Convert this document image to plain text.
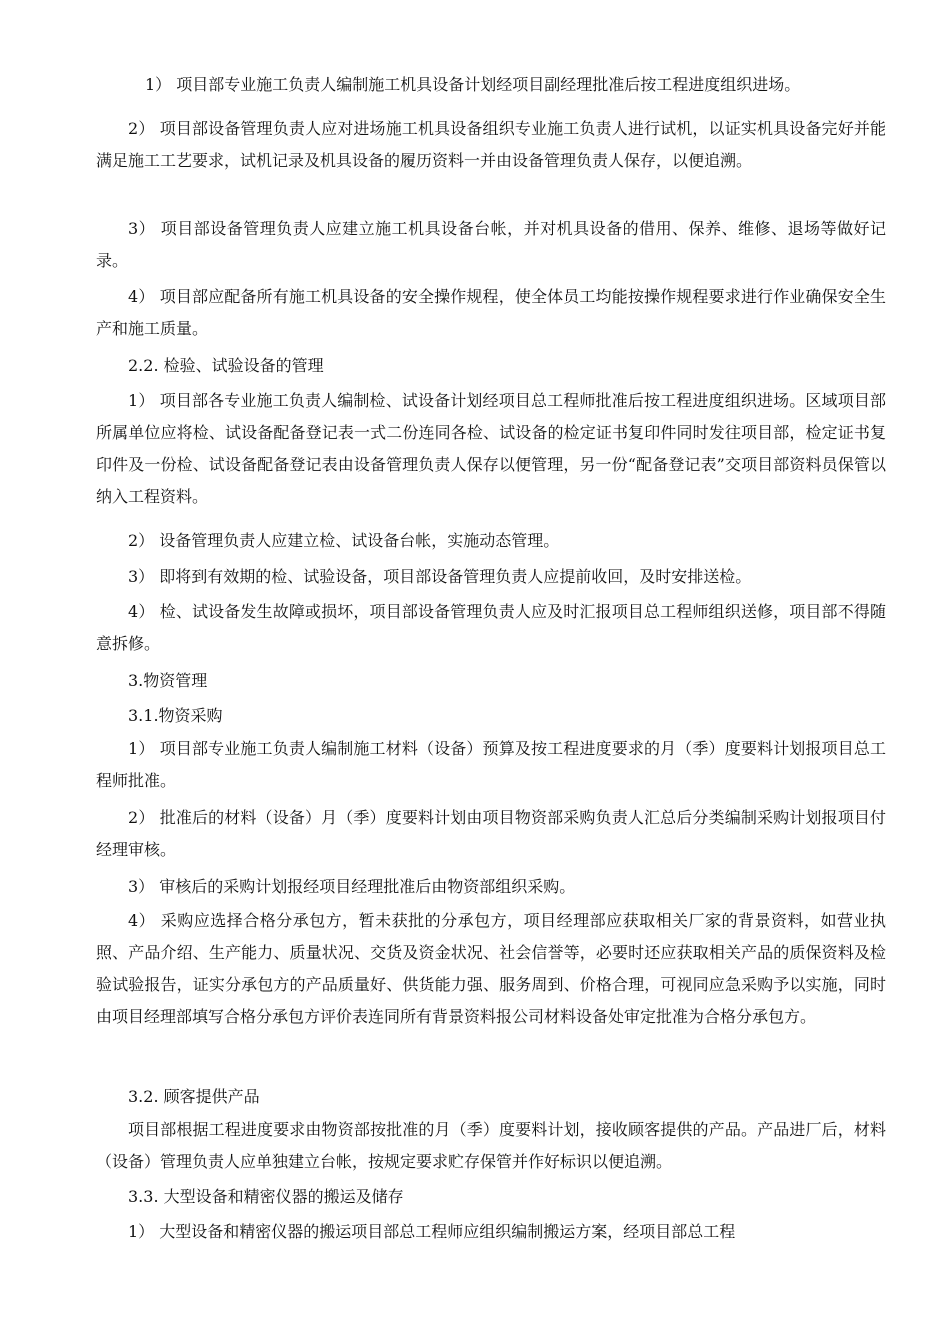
1） 项目部专业施工负责人编制施工机具设备计划经项目副经理批准后按工程进度组织进场。

2） 项目部设备管理负责人应对进场施工机具设备组织专业施工负责人进行试机，以证实机具设备完好并能满足施工工艺要求，试机记录及机具设备的履历资料一并由设备管理负责人保存，以便追溯。

3） 项目部设备管理负责人应建立施工机具设备台帐，并对机具设备的借用、保养、维修、退场等做好记录。

4） 项目部应配备所有施工机具设备的安全操作规程，使全体员工均能按操作规程要求进行作业确保安全生产和施工质量。

2.2. 检验、试验设备的管理

1） 项目部各专业施工负责人编制检、试设备计划经项目总工程师批准后按工程进度组织进场。区域项目部所属单位应将检、试设备配备登记表一式二份连同各检、试设备的检定证书复印件同时发往项目部，检定证书复印件及一份检、试设备配备登记表由设备管理负责人保存以便管理，另一份“配备登记表”交项目部资料员保管以纳入工程资料。

2） 设备管理负责人应建立检、试设备台帐，实施动态管理。

3） 即将到有效期的检、试验设备，项目部设备管理负责人应提前收回，及时安排送检。

4） 检、试设备发生故障或损坏，项目部设备管理负责人应及时汇报项目总工程师组织送修，项目部不得随意拆修。

3.物资管理

3.1.物资采购

1） 项目部专业施工负责人编制施工材料（设备）预算及按工程进度要求的月（季）度要料计划报项目总工程师批准。

2） 批准后的材料（设备）月（季）度要料计划由项目物资部采购负责人汇总后分类编制采购计划报项目付经理审核。

3） 审核后的采购计划报经项目经理批准后由物资部组织采购。

4） 采购应选择合格分承包方，暂未获批的分承包方，项目经理部应获取相关厂家的背景资料，如营业执照、产品介绍、生产能力、质量状况、交货及资金状况、社会信誉等，必要时还应获取相关产品的质保资料及检验试验报告，证实分承包方的产品质量好、供货能力强、服务周到、价格合理，可视同应急采购予以实施，同时由项目经理部填写合格分承包方评价表连同所有背景资料报公司材料设备处审定批准为合格分承包方。

3.2. 顾客提供产品

项目部根据工程进度要求由物资部按批准的月（季）度要料计划，接收顾客提供的产品。产品进厂后，材料（设备）管理负责人应单独建立台帐，按规定要求贮存保管并作好标识以便追溯。

3.3. 大型设备和精密仪器的搬运及储存

1） 大型设备和精密仪器的搬运项目部总工程师应组织编制搬运方案，经项目部总工程
